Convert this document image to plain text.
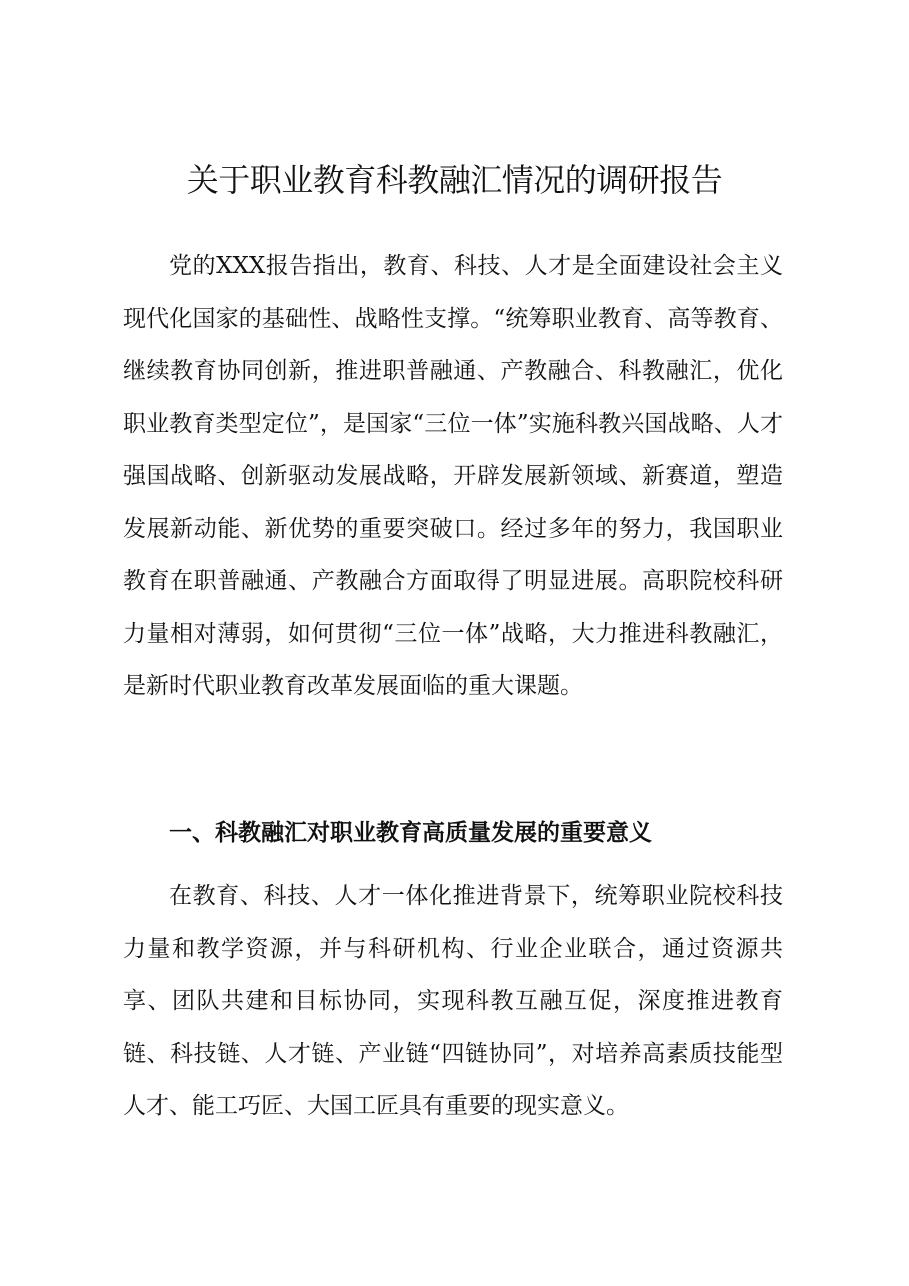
关于职业教育科教融汇情况的调研报告

党的XXX报告指出，教育、科技、人才是全面建设社会主义现代化国家的基础性、战略性支撑。“统筹职业教育、高等教育、继续教育协同创新，推进职普融通、产教融合、科教融汇，优化职业教育类型定位”，是国家“三位一体”实施科教兴国战略、人才强国战略、创新驱动发展战略，开辟发展新领域、新赛道，塑造发展新动能、新优势的重要突破口。经过多年的努力，我国职业教育在职普融通、产教融合方面取得了明显进展。高职院校科研力量相对薄弱，如何贯彻“三位一体”战略，大力推进科教融汇，是新时代职业教育改革发展面临的重大课题。

一、科教融汇对职业教育高质量发展的重要意义

在教育、科技、人才一体化推进背景下，统筹职业院校科技力量和教学资源，并与科研机构、行业企业联合，通过资源共享、团队共建和目标协同，实现科教互融互促，深度推进教育链、科技链、人才链、产业链“四链协同”，对培养高素质技能型人才、能工巧匠、大国工匠具有重要的现实意义。
